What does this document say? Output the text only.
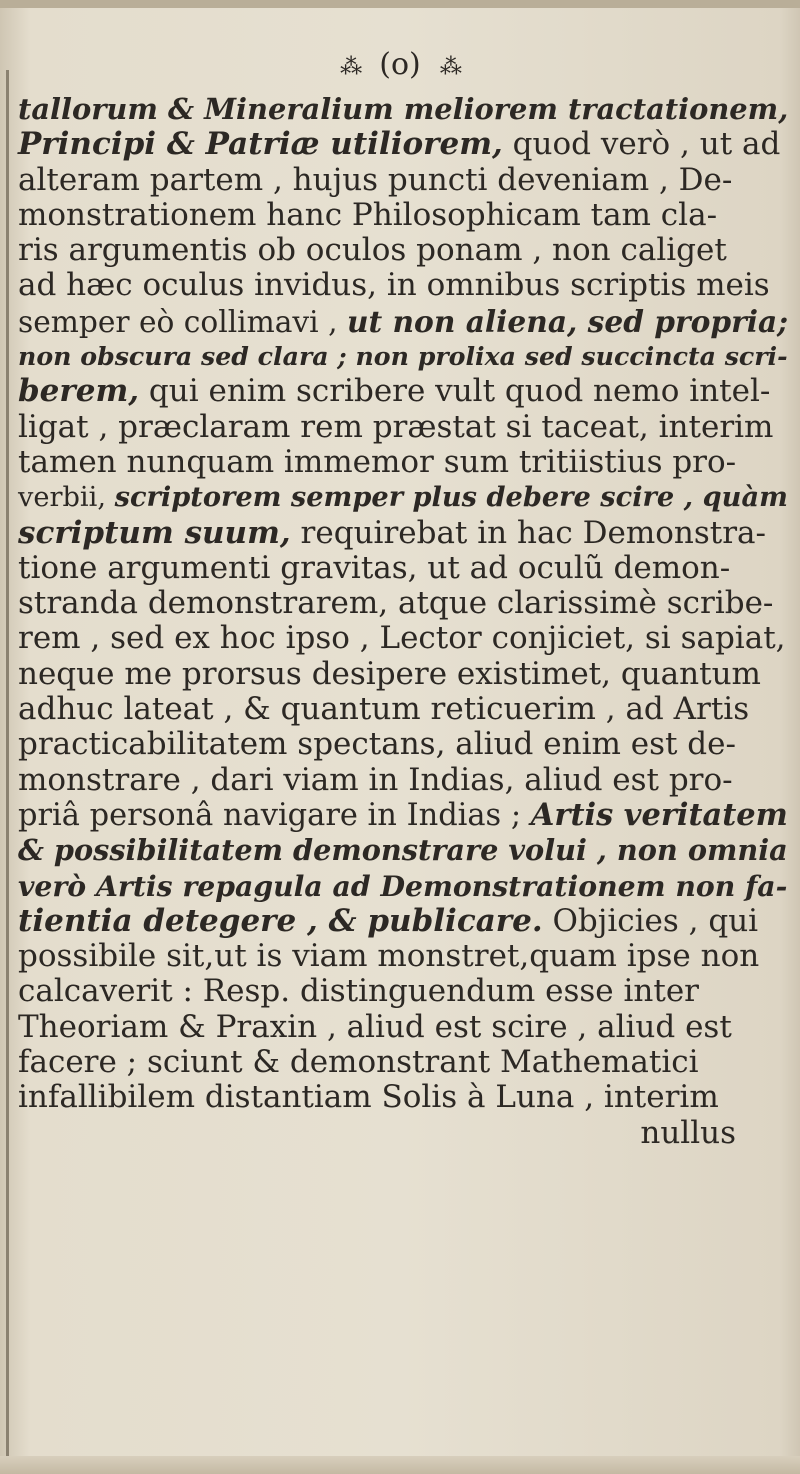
⁂ (o) ⁂
tallorum & Mineralium meliorem tractationem,
Principi & Patriæ utiliorem, quod verò , ut ad
alteram partem , hujus puncti deveniam , De-
monstrationem hanc Philosophicam tam cla-
ris argumentis ob oculos ponam , non caliget
ad hæc oculus invidus, in omnibus scriptis meis
semper eò collimavi , ut non aliena, sed propria;
non obscura sed clara ; non prolixa sed succincta scri-
berem, qui enim scribere vult quod nemo intel-
ligat , præclaram rem præstat si taceat, interim
tamen nunquam immemor sum tritiistius pro-
verbii, scriptorem semper plus debere scire , quàm
scriptum suum, requirebat in hac Demonstra-
tione argumenti gravitas, ut ad oculũ demon-
stranda demonstrarem, atque clarissimè scribe-
rem , sed ex hoc ipso , Lector conjiciet, si sapiat,
neque me prorsus desipere existimet, quantum
adhuc lateat , & quantum reticuerim , ad Artis
practicabilitatem spectans, aliud enim est de-
monstrare , dari viam in Indias, aliud est pro-
priâ personâ navigare in Indias ; Artis veritatem
& possibilitatem demonstrare volui , non omnia
verò Artis repagula ad Demonstrationem non fa-
tientia detegere , & publicare. Objicies , qui
possibile sit,ut is viam monstret,quam ipse non
calcaverit : Resp. distinguendum esse inter
Theoriam & Praxin , aliud est scire , aliud est
facere ; sciunt & demonstrant Mathematici
infallibilem distantiam Solis à Luna , interim
nullus
